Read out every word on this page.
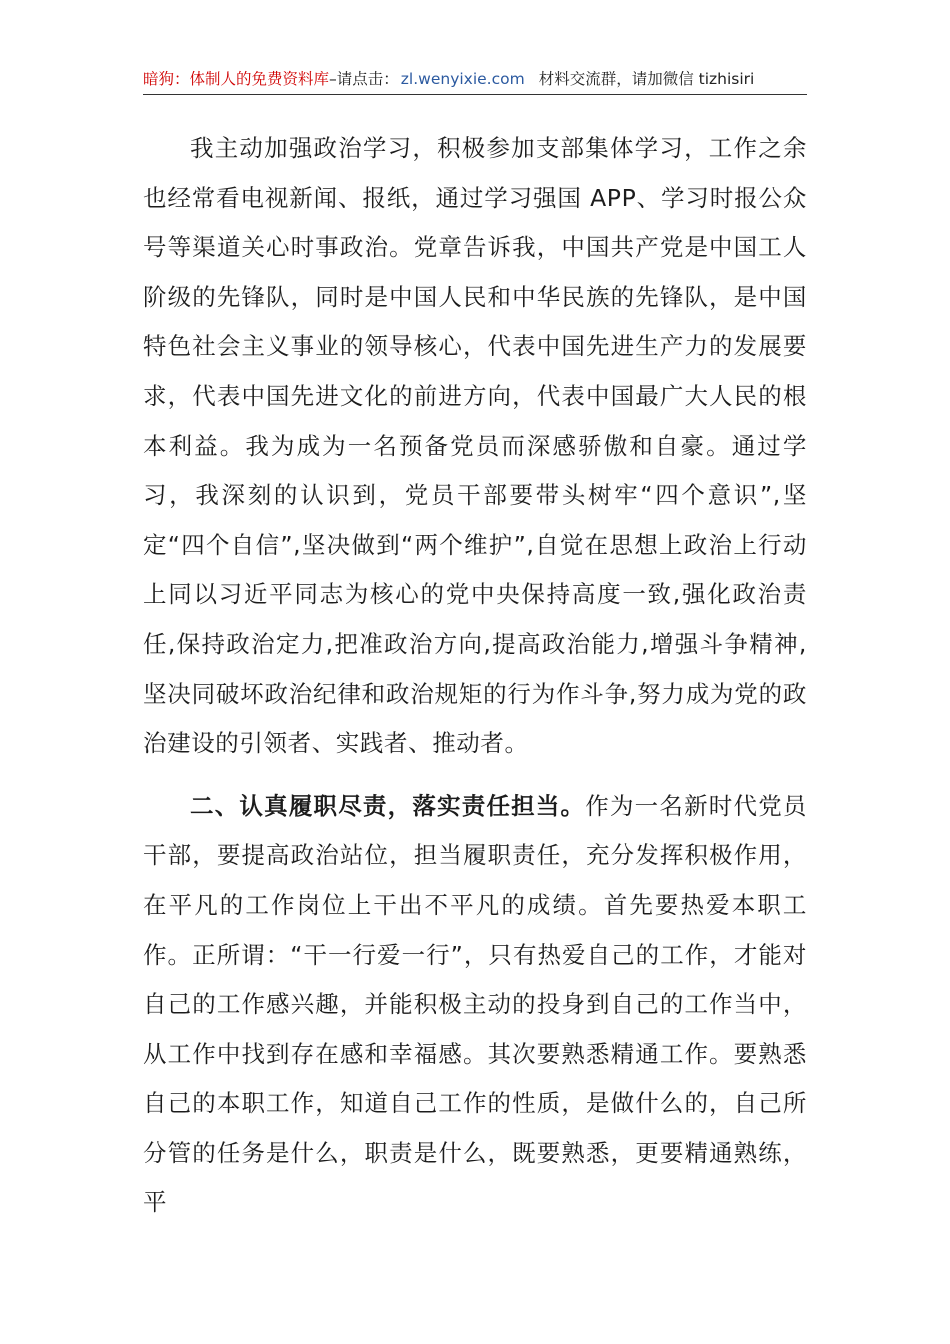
暗狗：体制人的免费资料库–请点击： zl.wenyixie.com 材料交流群，请加微信 tizhisiri

我主动加强政治学习，积极参加支部集体学习，工作之余也经常看电视新闻、报纸，通过学习强国 APP、学习时报公众号等渠道关心时事政治。党章告诉我，中国共产党是中国工人阶级的先锋队，同时是中国人民和中华民族的先锋队，是中国特色社会主义事业的领导核心，代表中国先进生产力的发展要求，代表中国先进文化的前进方向，代表中国最广大人民的根本利益。我为成为一名预备党员而深感骄傲和自豪。通过学习，我深刻的认识到，党员干部要带头树牢“四个意识”,坚定“四个自信”,坚决做到“两个维护”,自觉在思想上政治上行动上同以习近平同志为核心的党中央保持高度一致,强化政治责任,保持政治定力,把准政治方向,提高政治能力,增强斗争精神,坚决同破坏政治纪律和政治规矩的行为作斗争,努力成为党的政治建设的引领者、实践者、推动者。

二、认真履职尽责，落实责任担当。作为一名新时代党员干部，要提高政治站位，担当履职责任，充分发挥积极作用，在平凡的工作岗位上干出不平凡的成绩。首先要热爱本职工作。正所谓：“干一行爱一行”，只有热爱自己的工作，才能对自己的工作感兴趣，并能积极主动的投身到自己的工作当中，从工作中找到存在感和幸福感。其次要熟悉精通工作。要熟悉自己的本职工作，知道自己工作的性质，是做什么的，自己所分管的任务是什么，职责是什么，既要熟悉，更要精通熟练，平
